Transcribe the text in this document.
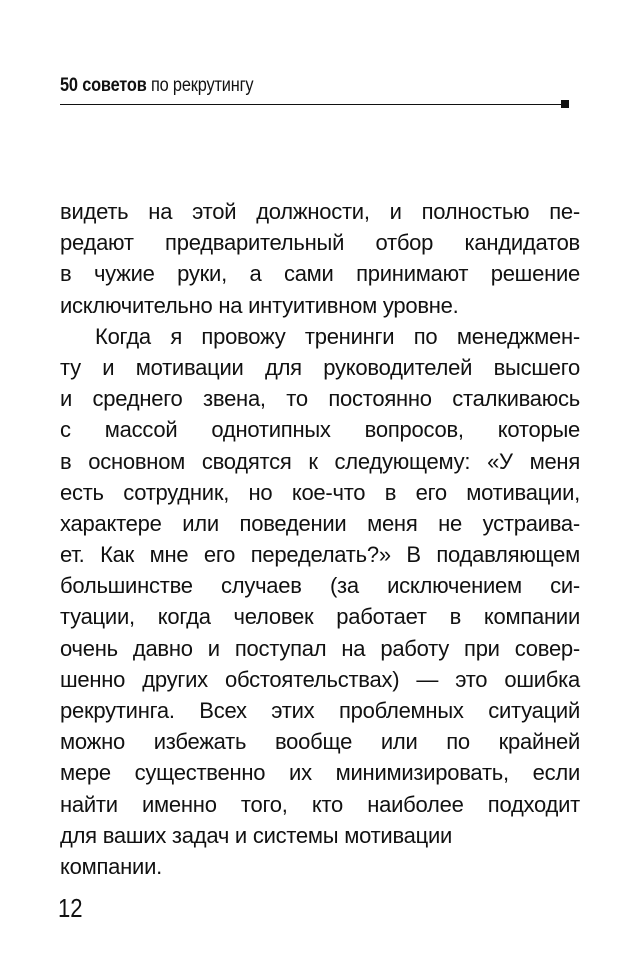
50 советов по рекрутингу
видеть на этой должности, и полностью пе-
редают предварительный отбор кандидатов
в чужие руки, а сами принимают решение
исключительно на интуитивном уровне.
Когда я провожу тренинги по менеджмен-
ту и мотивации для руководителей высшего
и среднего звена, то постоянно сталкиваюсь
с массой однотипных вопросов, которые
в основном сводятся к следующему: «У меня
есть сотрудник, но кое-что в его мотивации,
характере или поведении меня не устраива-
ет. Как мне его переделать?» В подавляющем
большинстве случаев (за исключением си-
туации, когда человек работает в компании
очень давно и поступал на работу при совер-
шенно других обстоятельствах) — это ошибка
рекрутинга. Всех этих проблемных ситуаций
можно избежать вообще или по крайней
мере существенно их минимизировать, если
найти именно того, кто наиболее подходит
для ваших задач и системы мотивации
компании.
12
